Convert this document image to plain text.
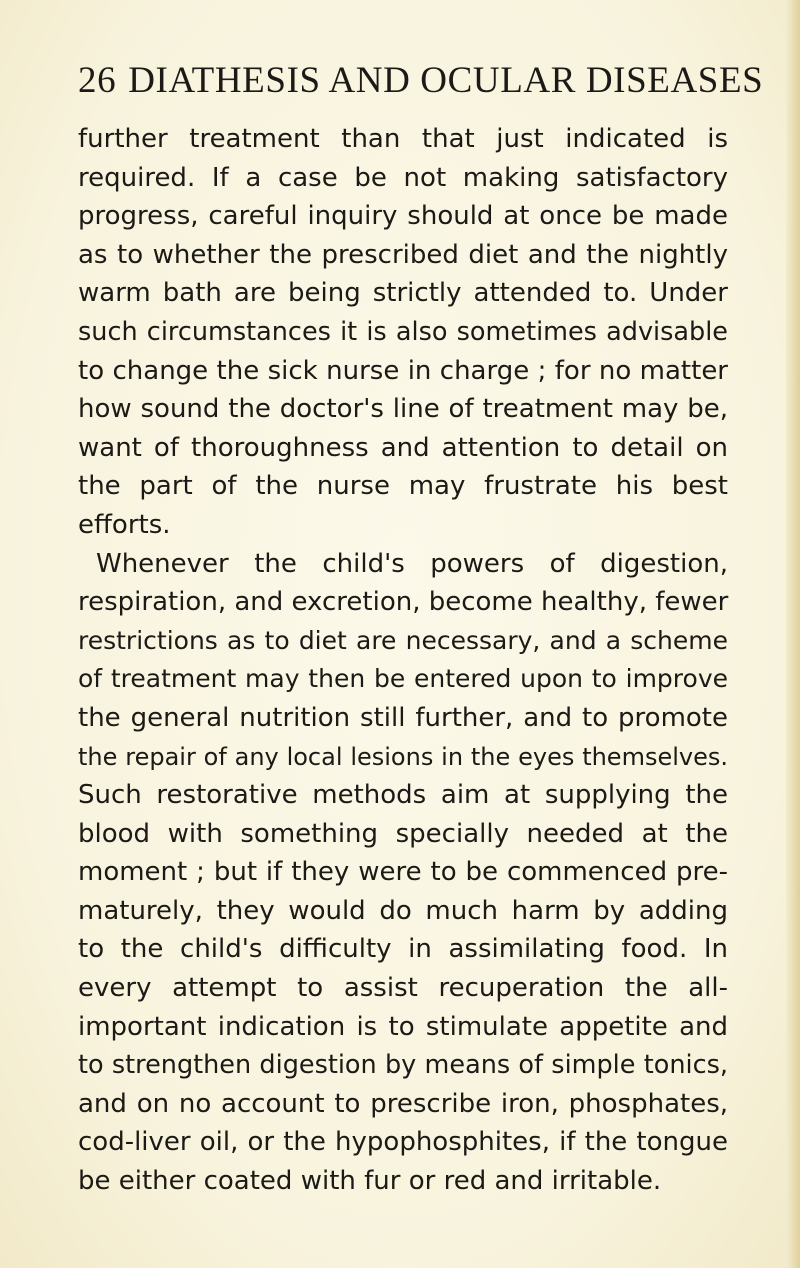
26 DIATHESIS AND OCULAR DISEASES
further treatment than that just indicated is
required. If a case be not making satisfactory
progress, careful inquiry should at once be made
as to whether the prescribed diet and the nightly
warm bath are being strictly attended to. Under
such circumstances it is also sometimes advisable
to change the sick nurse in charge ; for no matter
how sound the doctor's line of treatment may be,
want of thoroughness and attention to detail on
the part of the nurse may frustrate his best
efforts.
Whenever the child's powers of digestion,
respiration, and excretion, become healthy, fewer
restrictions as to diet are necessary, and a scheme
of treatment may then be entered upon to improve
the general nutrition still further, and to promote
the repair of any local lesions in the eyes themselves.
Such restorative methods aim at supplying the
blood with something specially needed at the
moment ; but if they were to be commenced pre-
maturely, they would do much harm by adding
to the child's difficulty in assimilating food. In
every attempt to assist recuperation the all-
important indication is to stimulate appetite and
to strengthen digestion by means of simple tonics,
and on no account to prescribe iron, phosphates,
cod-liver oil, or the hypophosphites, if the tongue
be either coated with fur or red and irritable.
